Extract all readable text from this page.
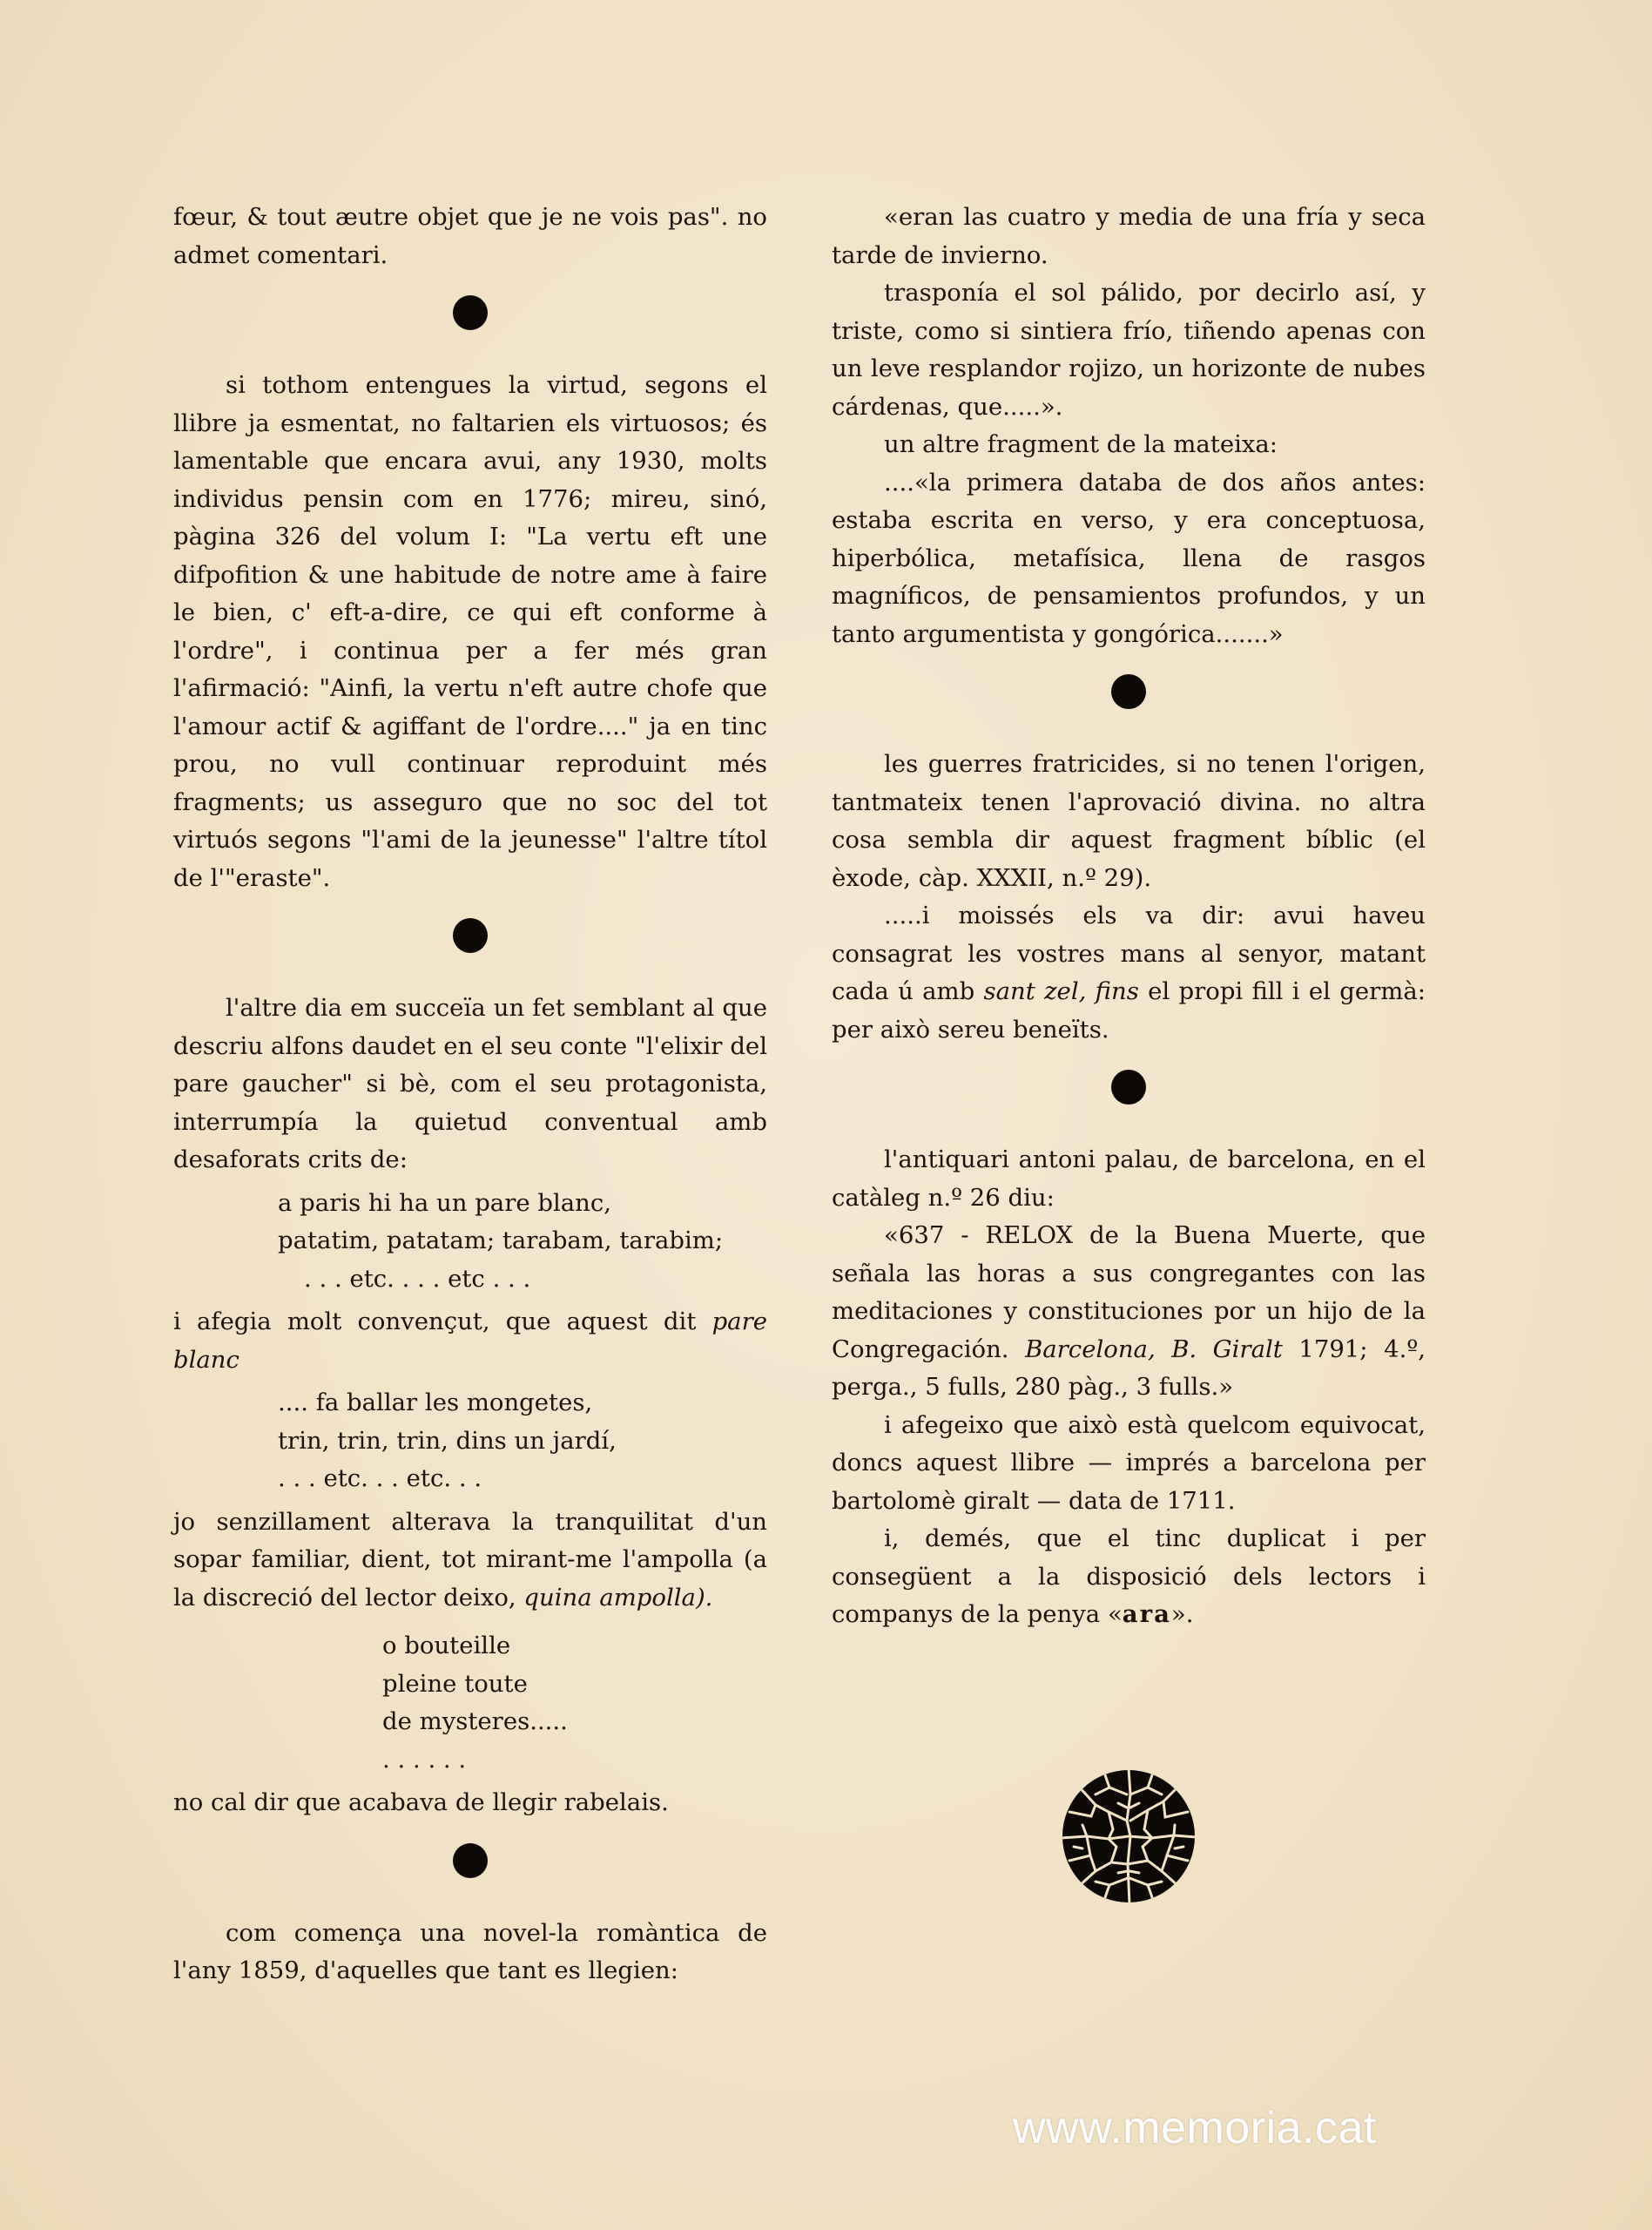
fœur, & tout æutre objet que je ne vois pas". no admet comentari.

si tothom entengues la virtud, segons el llibre ja esmentat, no faltarien els virtuosos; és lamentable que encara avui, any 1930, molts individus pensin com en 1776; mireu, sinó, pàgina 326 del volum I: "La vertu eft une difpofition & une habitude de notre ame à faire le bien, c' eft-a-dire, ce qui eft conforme à l'ordre", i continua per a fer més gran l'afirmació: "Ainfi, la vertu n'eft autre chofe que l'amour actif & agiffant de l'ordre...." ja en tinc prou, no vull continuar reproduint més fragments; us asseguro que no soc del tot virtuós segons "l'ami de la jeunesse" l'altre títol de l'"eraste".

l'altre dia em succeïa un fet semblant al que descriu alfons daudet en el seu conte "l'elixir del pare gaucher" si bè, com el seu protagonista, interrumpía la quietud conventual amb desaforats crits de:

a paris hi ha un pare blanc,

patatim, patatam; tarabam, tarabim;

. . . etc. . . . etc . . .

i afegia molt convençut, que aquest dit pare blanc

.... fa ballar les mongetes,

trin, trin, trin, dins un jardí,

. . . etc. . . etc. . .

jo senzillament alterava la tranquilitat d'un sopar familiar, dient, tot mirant-me l'ampolla (a la discreció del lector deixo, quina ampolla).

o bouteille

pleine toute

de mysteres.....

. . . . . .

no cal dir que acabava de llegir rabelais.

com comença una novel-la romàntica de l'any 1859, d'aquelles que tant es llegien:

«eran las cuatro y media de una fría y seca tarde de invierno.

trasponía el sol pálido, por decirlo así, y triste, como si sintiera frío, tiñendo apenas con un leve resplandor rojizo, un horizonte de nubes cárdenas, que.....».

un altre fragment de la mateixa:

....«la primera databa de dos años antes: estaba escrita en verso, y era conceptuosa, hiperbólica, metafísica, llena de rasgos magníficos, de pensamientos profundos, y un tanto argumentista y gongórica.......»

les guerres fratricides, si no tenen l'origen, tantmateix tenen l'aprovació divina. no altra cosa sembla dir aquest fragment bíblic (el èxode, càp. XXXII, n.º 29).

.....i moissés els va dir: avui haveu consagrat les vostres mans al senyor, matant cada ú amb sant zel, fins el propi fill i el germà: per això sereu beneïts.

l'antiquari antoni palau, de barcelona, en el catàleg n.º 26 diu:

«637 - RELOX de la Buena Muerte, que señala las horas a sus congregantes con las meditaciones y constituciones por un hijo de la Congregación. Barcelona, B. Giralt 1791; 4.º, perga., 5 fulls, 280 pàg., 3 fulls.»

i afegeixo que això està quelcom equivocat, doncs aquest llibre — imprés a barcelona per bartolomè giralt — data de 1711.

i, demés, que el tinc duplicat i per consegüent a la disposició dels lectors i companys de la penya «ara».

www.memoria.cat
